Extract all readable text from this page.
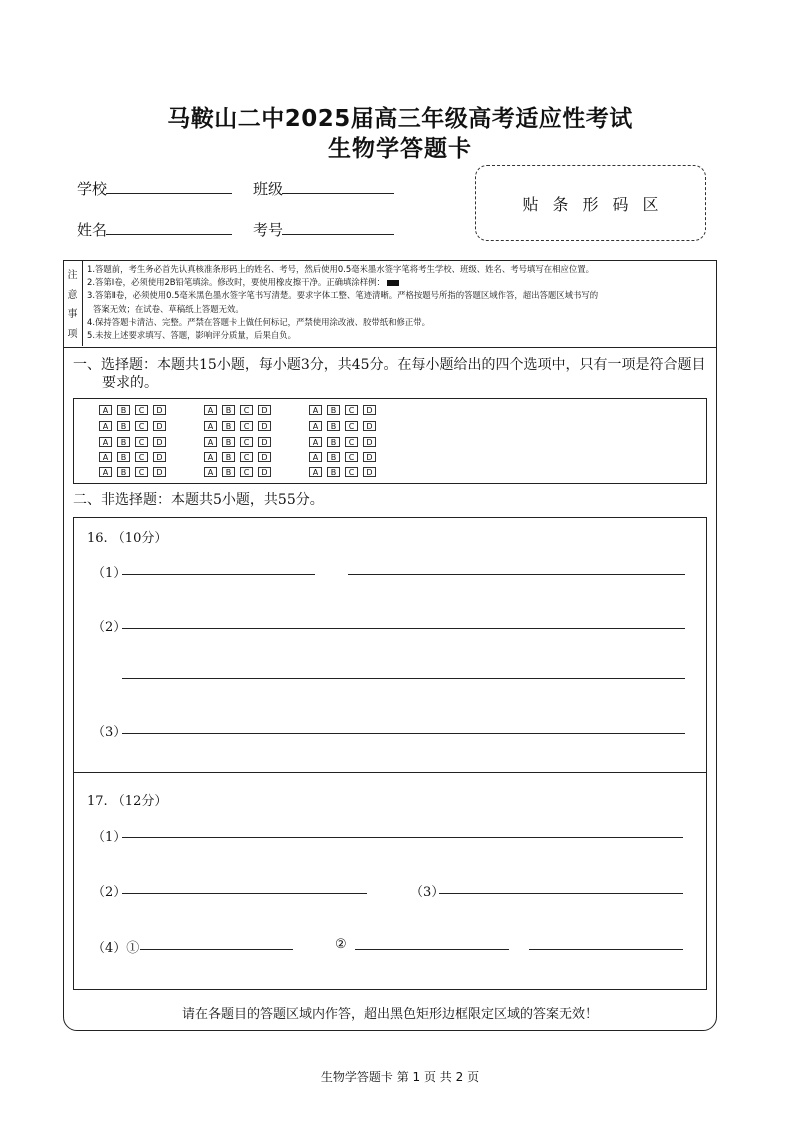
马鞍山二中2025届高三年级高考适应性考试
生物学答题卡
学校	班级
姓名	考号
贴条形码区
注
意
事
项
1.答题前，考生务必首先认真核准条形码上的姓名、考号，然后使用0.5毫米墨水签字笔将考生学校、班级、姓名、考号填写在相应位置。
2.答第Ⅰ卷，必须使用2B铅笔填涂。修改时，要使用橡皮擦干净。正确填涂样例：
3.答第Ⅱ卷，必须使用0.5毫米黑色墨水签字笔书写清楚。要求字体工整、笔迹清晰。严格按题号所指的答题区域作答，超出答题区域书写的
答案无效；在试卷、草稿纸上答题无效。
4.保持答题卡清洁、完整。严禁在答题卡上做任何标记，严禁使用涂改液、胶带纸和修正带。
5.未按上述要求填写、答题，影响评分质量，后果自负。
一、选择题：本题共15小题，每小题3分，共45分。在每小题给出的四个选项中，只有一项是符合题目
要求的。
A	B	C	D
A	B	C	D
A	B	C	D
A	B	C	D
A	B	C	D
A	B	C	D
A	B	C	D
A	B	C	D
A	B	C	D
A	B	C	D
A	B	C	D
A	B	C	D
A	B	C	D
A	B	C	D
A	B	C	D
二、非选择题：本题共5小题，共55分。
16. （10分）
（1）
（2）
（3）
17. （12分）
（1）
（2）	（3）
（4）①	②
请在各题目的答题区域内作答，超出黑色矩形边框限定区域的答案无效！
生物学答题卡 第 1 页 共 2 页
